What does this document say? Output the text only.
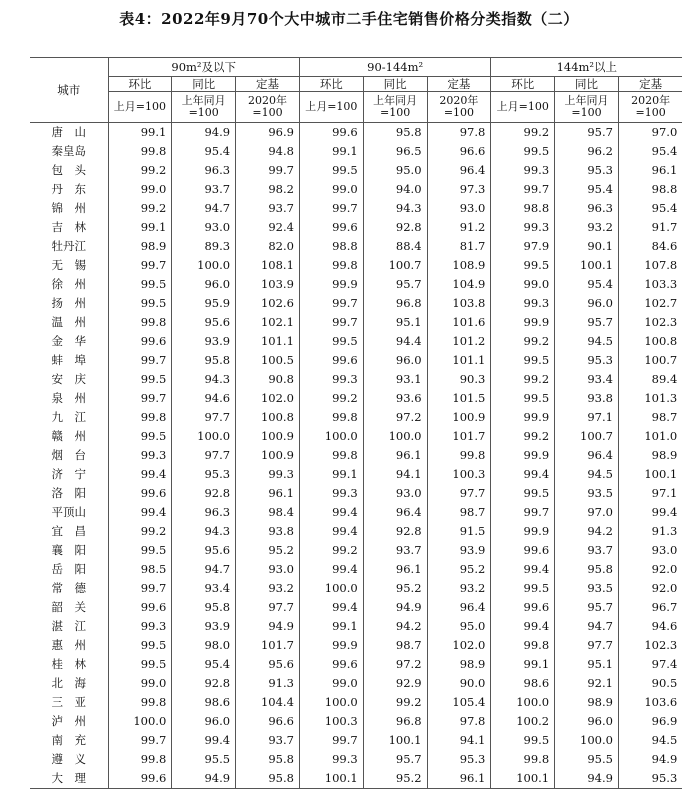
表4：2022年9月70个大中城市二手住宅销售价格分类指数（二）
城市	90m²及以下			90-144m²			144m²以上		
	环比	同比	定基	环比	同比	定基	环比	同比	定基
	上月=100	上年同月=100	2020年=100	上月=100	上年同月=100	2020年=100	上月=100	上年同月=100	2020年=100
唐　山	99.1	94.9	96.9	99.6	95.8	97.8	99.2	95.7	97.0
秦皇岛	99.8	95.4	94.8	99.1	96.5	96.6	99.5	96.2	95.4
包　头	99.2	96.3	99.7	99.5	95.0	96.4	99.3	95.3	96.1
丹　东	99.0	93.7	98.2	99.0	94.0	97.3	99.7	95.4	98.8
锦　州	99.2	94.7	93.7	99.7	94.3	93.0	98.8	96.3	95.4
吉　林	99.1	93.0	92.4	99.6	92.8	91.2	99.3	93.2	91.7
牡丹江	98.9	89.3	82.0	98.8	88.4	81.7	97.9	90.1	84.6
无　锡	99.7	100.0	108.1	99.8	100.7	108.9	99.5	100.1	107.8
徐　州	99.5	96.0	103.9	99.9	95.7	104.9	99.0	95.4	103.3
扬　州	99.5	95.9	102.6	99.7	96.8	103.8	99.3	96.0	102.7
温　州	99.8	95.6	102.1	99.7	95.1	101.6	99.9	95.7	102.3
金　华	99.6	93.9	101.1	99.5	94.4	101.2	99.2	94.5	100.8
蚌　埠	99.7	95.8	100.5	99.6	96.0	101.1	99.5	95.3	100.7
安　庆	99.5	94.3	90.8	99.3	93.1	90.3	99.2	93.4	89.4
泉　州	99.7	94.6	102.0	99.2	93.6	101.5	99.5	93.8	101.3
九　江	99.8	97.7	100.8	99.8	97.2	100.9	99.9	97.1	98.7
赣　州	99.5	100.0	100.9	100.0	100.0	101.7	99.2	100.7	101.0
烟　台	99.3	97.7	100.9	99.8	96.1	99.8	99.9	96.4	98.9
济　宁	99.4	95.3	99.3	99.1	94.1	100.3	99.4	94.5	100.1
洛　阳	99.6	92.8	96.1	99.3	93.0	97.7	99.5	93.5	97.1
平顶山	99.4	96.3	98.4	99.4	96.4	98.7	99.7	97.0	99.4
宜　昌	99.2	94.3	93.8	99.4	92.8	91.5	99.9	94.2	91.3
襄　阳	99.5	95.6	95.2	99.2	93.7	93.9	99.6	93.7	93.0
岳　阳	98.5	94.7	93.0	99.4	96.1	95.2	99.4	95.8	92.0
常　德	99.7	93.4	93.2	100.0	95.2	93.2	99.5	93.5	92.0
韶　关	99.6	95.8	97.7	99.4	94.9	96.4	99.6	95.7	96.7
湛　江	99.3	93.9	94.9	99.1	94.2	95.0	99.4	94.7	94.6
惠　州	99.5	98.0	101.7	99.9	98.7	102.0	99.8	97.7	102.3
桂　林	99.5	95.4	95.6	99.6	97.2	98.9	99.1	95.1	97.4
北　海	99.0	92.8	91.3	99.0	92.9	90.0	98.6	92.1	90.5
三　亚	99.8	98.6	104.4	100.0	99.2	105.4	100.0	98.9	103.6
泸　州	100.0	96.0	96.6	100.3	96.8	97.8	100.2	96.0	96.9
南　充	99.7	99.4	93.7	99.7	100.1	94.1	99.5	100.0	94.5
遵　义	99.8	95.5	95.8	99.3	95.7	95.3	99.8	95.5	94.9
大　理	99.6	94.9	95.8	100.1	95.2	96.1	100.1	94.9	95.3
